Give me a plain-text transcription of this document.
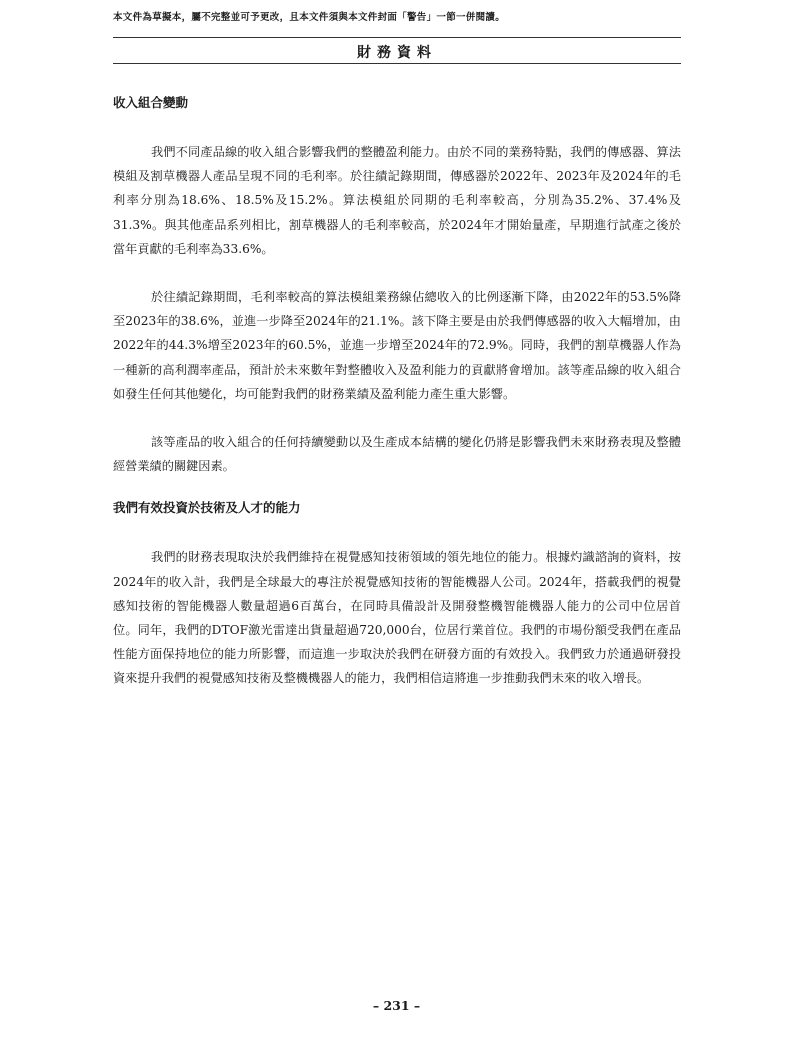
本文件為草擬本，屬不完整並可予更改，且本文件須與本文件封面「警告」一節一併閱讀。
財務資料
收入組合變動

我們不同產品線的收入組合影響我們的整體盈利能力。由於不同的業務特點，我們的傳感器、算法模組及割草機器人產品呈現不同的毛利率。於往績記錄期間，傳感器於2022年、2023年及2024年的毛利率分別為18.6%、18.5%及15.2%。算法模組於同期的毛利率較高，分別為35.2%、37.4%及31.3%。與其他產品系列相比，割草機器人的毛利率較高，於2024年才開始量產，早期進行試產之後於當年貢獻的毛利率為33.6%。

於往績記錄期間，毛利率較高的算法模組業務線佔總收入的比例逐漸下降，由2022年的53.5%降至2023年的38.6%，並進一步降至2024年的21.1%。該下降主要是由於我們傳感器的收入大幅增加，由2022年的44.3%增至2023年的60.5%，並進一步增至2024年的72.9%。同時，我們的割草機器人作為一種新的高利潤率產品，預計於未來數年對整體收入及盈利能力的貢獻將會增加。該等產品線的收入組合如發生任何其他變化，均可能對我們的財務業績及盈利能力產生重大影響。

該等產品的收入組合的任何持續變動以及生產成本結構的變化仍將是影響我們未來財務表現及整體經營業績的關鍵因素。

我們有效投資於技術及人才的能力

我們的財務表現取決於我們維持在視覺感知技術領域的領先地位的能力。根據灼識諮詢的資料，按2024年的收入計，我們是全球最大的專注於視覺感知技術的智能機器人公司。2024年，搭載我們的視覺感知技術的智能機器人數量超過6百萬台，在同時具備設計及開發整機智能機器人能力的公司中位居首位。同年，我們的DTOF激光雷達出貨量超過720,000台，位居行業首位。我們的市場份額受我們在產品性能方面保持地位的能力所影響，而這進一步取決於我們在研發方面的有效投入。我們致力於通過研發投資來提升我們的視覺感知技術及整機機器人的能力，我們相信這將進一步推動我們未來的收入增長。

– 231 –
